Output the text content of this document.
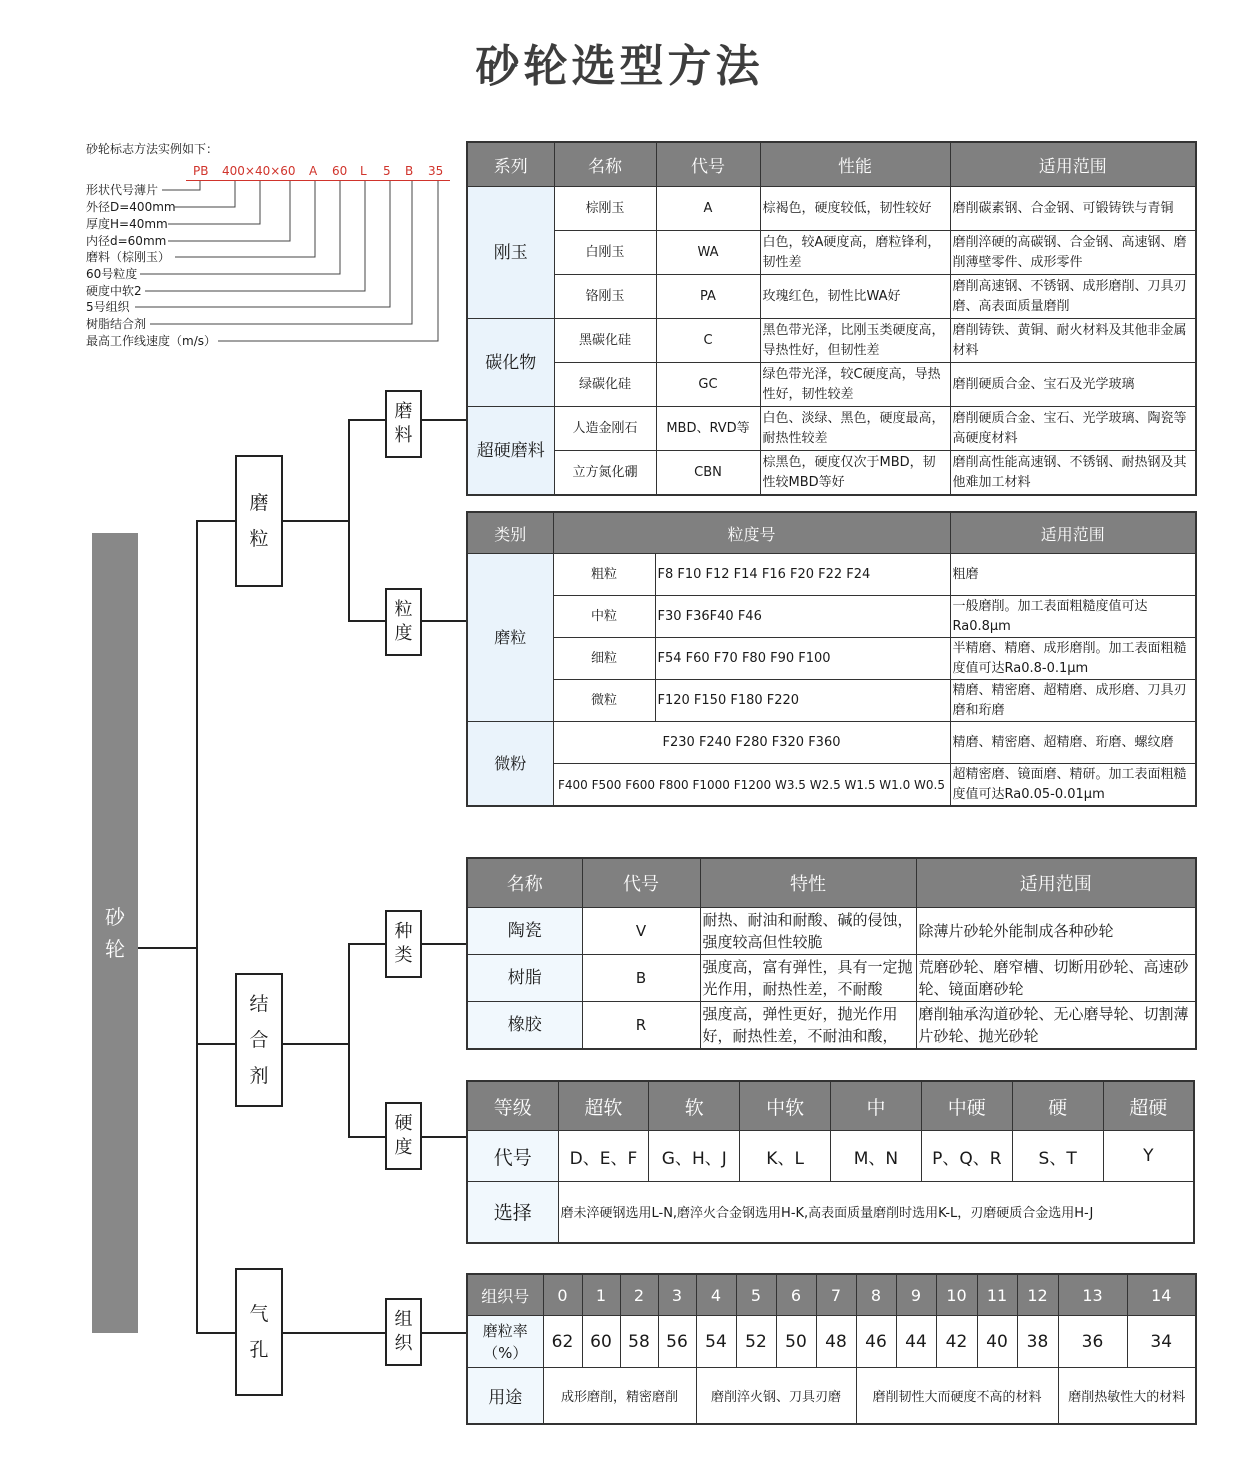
砂轮选型方法
砂轮标志方法实例如下：
PB 400×40×60 A 60 L 5 B 35
形状代号薄片
外径D=400mm
厚度H=40mm
内径d=60mm
磨料（棕刚玉）
60号粒度
硬度中软2
5号组织
树脂结合剂
最高工作线速度（m/s）
砂轮
磨粒
结合剂
气孔
磨料
粒度
种类
硬度
组织
系列	名称	代号	性能	适用范围
刚玉	棕刚玉	A	棕褐色，硬度较低，韧性较好	磨削碳素钢、合金钢、可锻铸铁与青铜
	白刚玉	WA	白色，较A硬度高，磨粒锋利，韧性差	磨削淬硬的高碳钢、合金钢、高速钢、磨削薄壁零件、成形零件
	铬刚玉	PA	玫瑰红色，韧性比WA好	磨削高速钢、不锈钢、成形磨削、刀具刃磨、高表面质量磨削
碳化物	黑碳化硅	C	黑色带光泽，比刚玉类硬度高，导热性好，但韧性差	磨削铸铁、黄铜、耐火材料及其他非金属材料
	绿碳化硅	GC	绿色带光泽，较C硬度高，导热性好，韧性较差	磨削硬质合金、宝石及光学玻璃
超硬磨料	人造金刚石	MBD、RVD等	白色、淡绿、黑色，硬度最高，耐热性较差	磨削硬质合金、宝石、光学玻璃、陶瓷等高硬度材料
	立方氮化硼	CBN	棕黑色，硬度仅次于MBD，韧性较MBD等好	磨削高性能高速钢、不锈钢、耐热钢及其他难加工材料
类别	粒度号		适用范围
磨粒	粗粒	F8 F10 F12 F14 F16 F20 F22 F24	粗磨
	中粒	F30 F36F40 F46	一般磨削。加工表面粗糙度值可达Ra0.8μm
	细粒	F54 F60 F70 F80 F90 F100	半精磨、精磨、成形磨削。加工表面粗糙度值可达Ra0.8-0.1μm
	微粒	F120 F150 F180 F220	精磨、精密磨、超精磨、成形磨、刀具刃磨和珩磨
微粉	F230 F240 F280 F320 F360		精磨、精密磨、超精磨、珩磨、螺纹磨
	F400 F500 F600 F800 F1000 F1200 W3.5 W2.5 W1.5 W1.0 W0.5		超精密磨、镜面磨、精研。加工表面粗糙度值可达Ra0.05-0.01μm
名称	代号	特性	适用范围
陶瓷	V	耐热、耐油和耐酸、碱的侵蚀，强度较高但性较脆	除薄片砂轮外能制成各种砂轮
树脂	B	强度高，富有弹性，具有一定抛光作用，耐热性差，不耐酸	荒磨砂轮、磨窄槽、切断用砂轮、高速砂轮、镜面磨砂轮
橡胶	R	强度高，弹性更好，抛光作用好，耐热性差，不耐油和酸，	磨削轴承沟道砂轮、无心磨导轮、切割薄片砂轮、抛光砂轮
等级	超软	软	中软	中	中硬	硬	超硬
代号	D、E、F	G、H、J	K、L	M、N	P、Q、R	S、T	Y
选择	磨未淬硬钢选用L-N,磨淬火合金钢选用H-K,高表面质量磨削时选用K-L，刃磨硬质合金选用H-J						
组织号	0	1	2	3	4	5	6	7	8	9	10	11	12	13	14
磨粒率（%）	62	60	58	56	54	52	50	48	46	44	42	40	38	36	34
用途	成形磨削，精密磨削				磨削淬火钢、刀具刃磨				磨削韧性大而硬度不高的材料					磨削热敏性大的材料	
